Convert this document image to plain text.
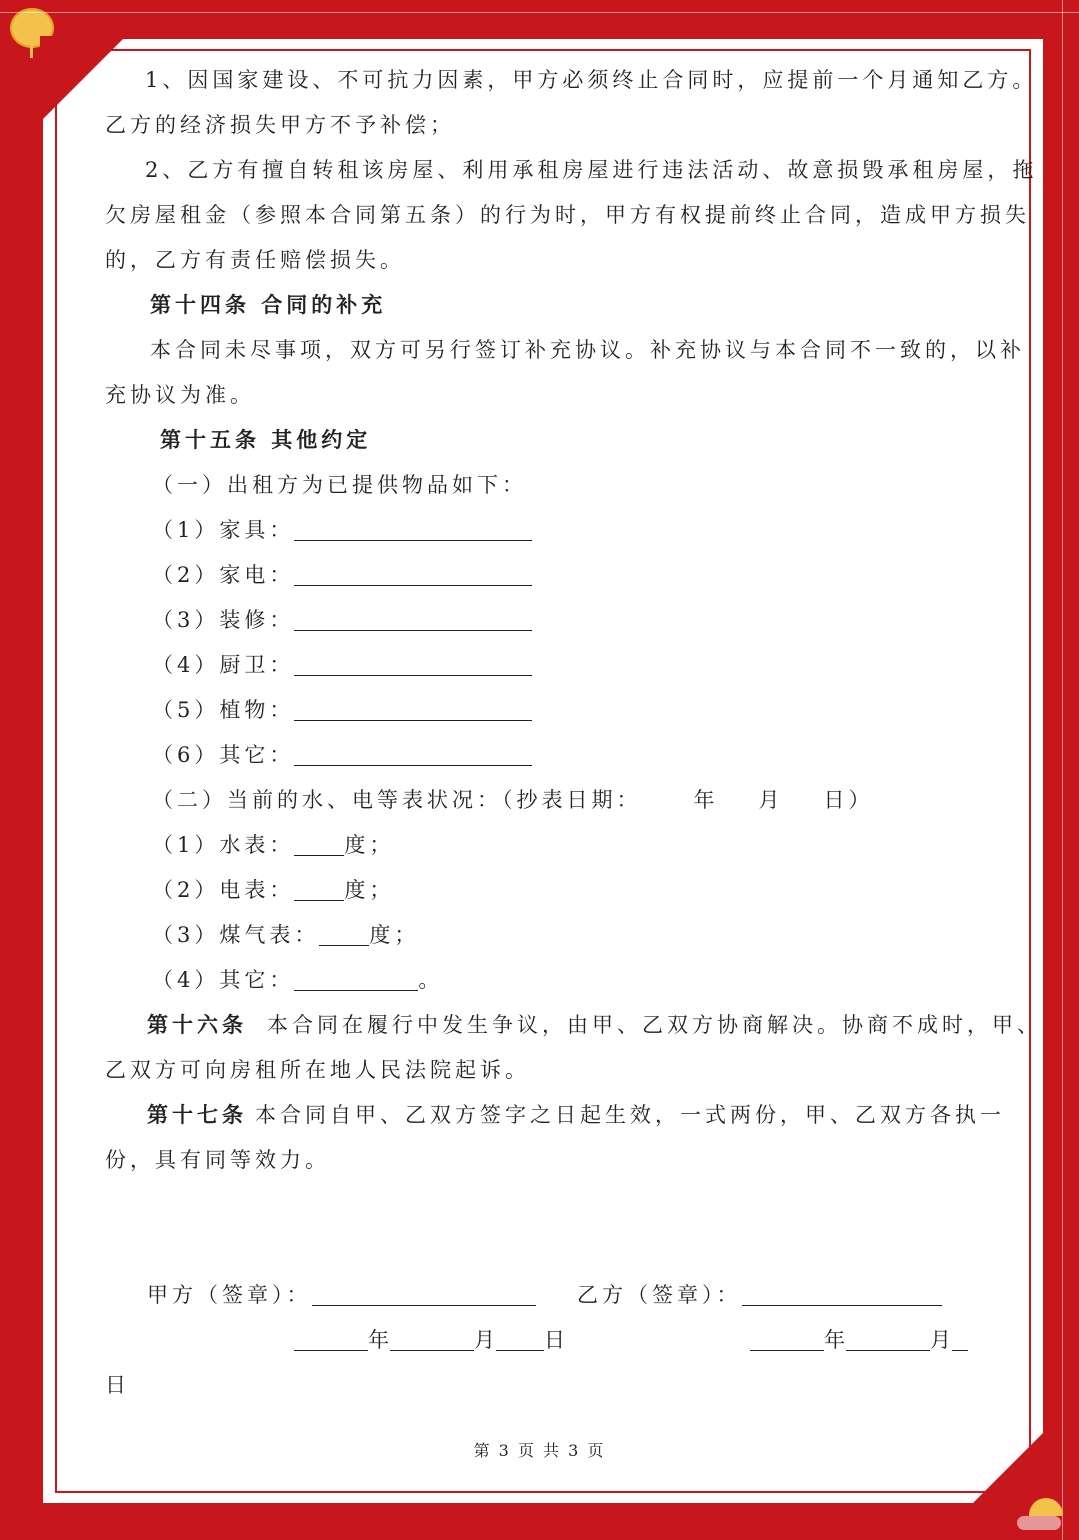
1、因国家建设、不可抗力因素，甲方必须终止合同时，应提前一个月通知乙方。
乙方的经济损失甲方不予补偿；
2、乙方有擅自转租该房屋、利用承租房屋进行违法活动、故意损毁承租房屋，拖
欠房屋租金（参照本合同第五条）的行为时，甲方有权提前终止合同，造成甲方损失
的，乙方有责任赔偿损失。
第十四条 合同的补充
本合同未尽事项，双方可另行签订补充协议。补充协议与本合同不一致的，以补
充协议为准。
第十五条 其他约定
（一）出租方为已提供物品如下：
（1）家具：
（2）家电：
（3）装修：
（4）厨卫：
（5）植物：
（6）其它：
（二）当前的水、电等表状况：（抄表日期： 年 月 日）
（1）水表： 度；
（2）电表： 度；
（3）煤气表： 度；
（4）其它：	。
第十六条 本合同在履行中发生争议，由甲、乙双方协商解决。协商不成时，甲、
乙双方可向房租所在地人民法院起诉。
第十七条 本合同自甲、乙双方签字之日起生效，一式两份，甲、乙双方各执一
份，具有同等效力。
甲方（签章）：	乙方（签章）：
年	月 日	年	月
日
第 3 页 共 3 页
